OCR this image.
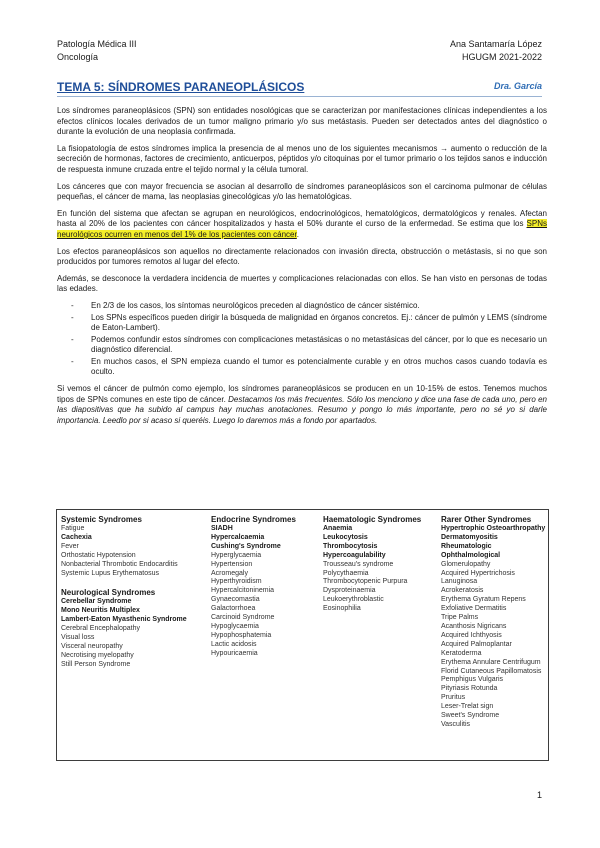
Patología Médica III
Oncología
Ana Santamaría López
HGUGM 2021-2022
TEMA 5: SÍNDROMES PARANEOPLÁSICOS	Dra. García

Los síndromes paraneoplásicos (SPN) son entidades nosológicas que se caracterizan por manifestaciones clínicas independientes a los efectos clínicos locales derivados de un tumor maligno primario y/o sus metástasis. Pueden ser detectados antes del diagnóstico o durante la evolución de una neoplasia confirmada.

La fisiopatología de estos síndromes implica la presencia de al menos uno de los siguientes mecanismos → aumento o reducción de la secreción de hormonas, factores de crecimiento, anticuerpos, péptidos y/o citoquinas por el tumor primario o los tejidos sanos e inducción de respuesta inmune cruzada entre el tejido normal y la célula tumoral.

Los cánceres que con mayor frecuencia se asocian al desarrollo de síndromes paraneoplásicos son el carcinoma pulmonar de células pequeñas, el cáncer de mama, las neoplasias ginecológicas y/o las hematológicas.

En función del sistema que afectan se agrupan en neurológicos, endocrinológicos, hematológicos, dermatológicos y renales. Afectan hasta al 20% de los pacientes con cáncer hospitalizados y hasta el 50% durante el curso de la enfermedad. Se estima que los SPNs neurológicos ocurren en menos del 1% de los pacientes con cáncer.

Los efectos paraneoplásicos son aquellos no directamente relacionados con invasión directa, obstrucción o metástasis, si no que son producidos por tumores remotos al lugar del efecto.

Además, se desconoce la verdadera incidencia de muertes y complicaciones relacionadas con ellos. Se han visto en personas de todas las edades.

- En 2/3 de los casos, los síntomas neurológicos preceden al diagnóstico de cáncer sistémico.
- Los SPNs específicos pueden dirigir la búsqueda de malignidad en órganos concretos. Ej.: cáncer de pulmón y LEMS (síndrome de Eaton-Lambert).
- Podemos confundir estos síndromes con complicaciones metastásicas o no metastásicas del cáncer, por lo que es necesario un diagnóstico diferencial.
- En muchos casos, el SPN empieza cuando el tumor es potencialmente curable y en otros muchos casos cuando todavía es oculto.

Si vemos el cáncer de pulmón como ejemplo, los síndromes paraneoplásicos se producen en un 10-15% de estos. Tenemos muchos tipos de SPNs comunes en este tipo de cáncer. Destacamos los más frecuentes. Sólo los menciono y dice una fase de cada uno, pero en las diapositivas que ha subido al campus hay muchas anotaciones. Resumo y pongo lo más importante, pero no sé yo si darle importancia. Leedlo por si acaso si queréis. Luego lo daremos más a fondo por apartados.

Systemic Syndromes
Fatigue
Cachexia
Fever
Orthostatic Hypotension
Nonbacterial Thrombotic Endocarditis
Systemic Lupus Erythematosus
Neurological Syndromes
Cerebellar Syndrome
Mono Neuritis Multiplex
Lambert-Eaton Myasthenic Syndrome
Cerebral Encephalopathy
Visual loss
Visceral neuropathy
Necrotising myelopathy
Still Person Syndrome
Endocrine Syndromes
SIADH
Hypercalcaemia
Cushing's Syndrome
Hyperglycaemia
Hypertension
Acromegaly
Hyperthyroidism
Hypercalcitoninemia
Gynaecomastia
Galactorrhoea
Carcinoid Syndrome
Hypoglycaemia
Hypophosphatemia
Lactic acidosis
Hypouricaemia
Haematologic Syndromes
Anaemia
Leukocytosis
Thrombocytosis
Hypercoagulability
Trousseau's syndrome
Polycythaemia
Thrombocytopenic Purpura
Dysproteinaemia
Leukoerythroblastic
Eosinophilia
Rarer Other Syndromes
Hypertrophic Osteoarthropathy
Dermatomyositis
Rheumatologic
Ophthalmological
Glomerulopathy
Acquired Hypertrichosis Lanuginosa
Acrokeratosis
Erythema Gyratum Repens
Exfoliative Dermatitis
Tripe Palms
Acanthosis Nigricans
Acquired Ichthyosis
Acquired Palmoplantar Keratoderma
Erythema Annulare Centrifugum
Florid Cutaneous Papillomatosis
Pemphigus Vulgaris
Pityriasis Rotunda
Pruritus
Leser-Trelat sign
Sweet's Syndrome
Vasculitis
1
